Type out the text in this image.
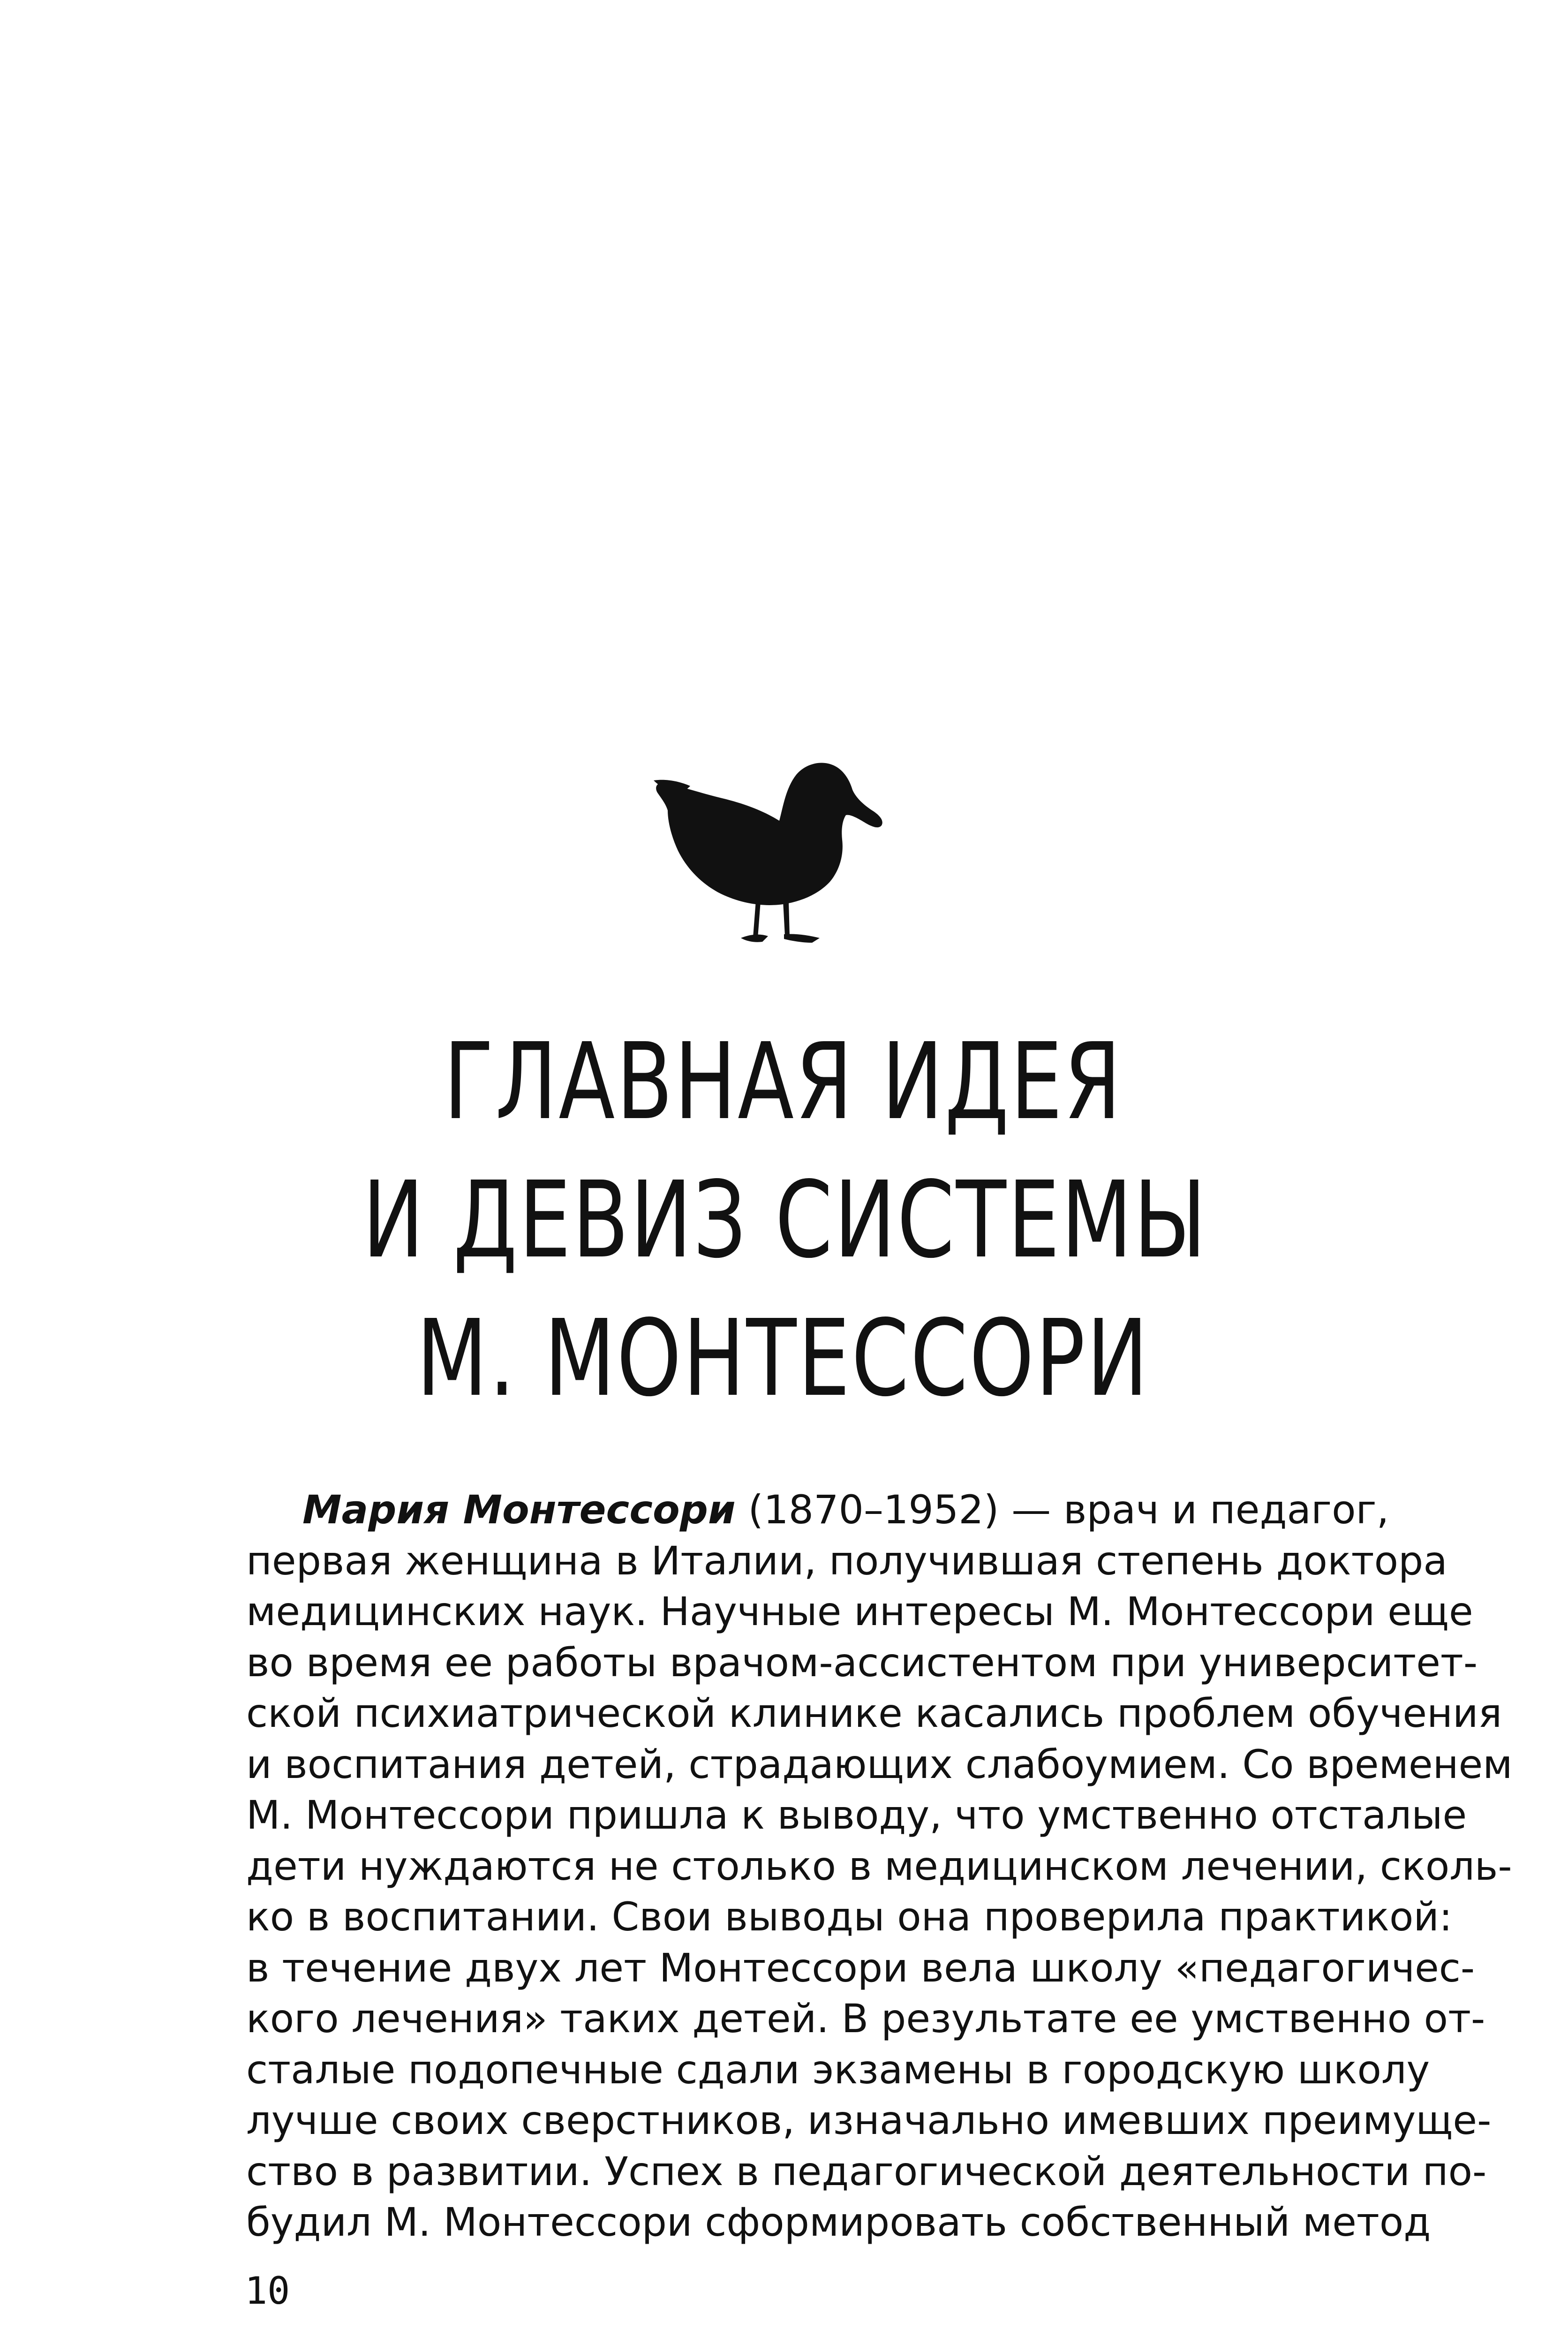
ГЛАВНАЯ ИДЕЯ
И ДЕВИЗ СИСТЕМЫ
М. МОНТЕССОРИ
Мария Монтессори (1870–1952) — врач и педагог,
первая женщина в Италии, получившая степень доктора
медицинских наук. Научные интересы М. Монтессори еще
во время ее работы врачом-ассистентом при университет-
ской психиатрической клинике касались проблем обучения
и воспитания детей, страдающих слабоумием. Со временем
М. Монтессори пришла к выводу, что умственно отсталые
дети нуждаются не столько в медицинском лечении, сколь-
ко в воспитании. Свои выводы она проверила практикой:
в течение двух лет Монтессори вела школу «педагогичес-
кого лечения» таких детей. В результате ее умственно от-
сталые подопечные сдали экзамены в городскую школу
лучше своих сверстников, изначально имевших преимуще-
ство в развитии. Успех в педагогической деятельности по-
будил М. Монтессори сформировать собственный метод

10
